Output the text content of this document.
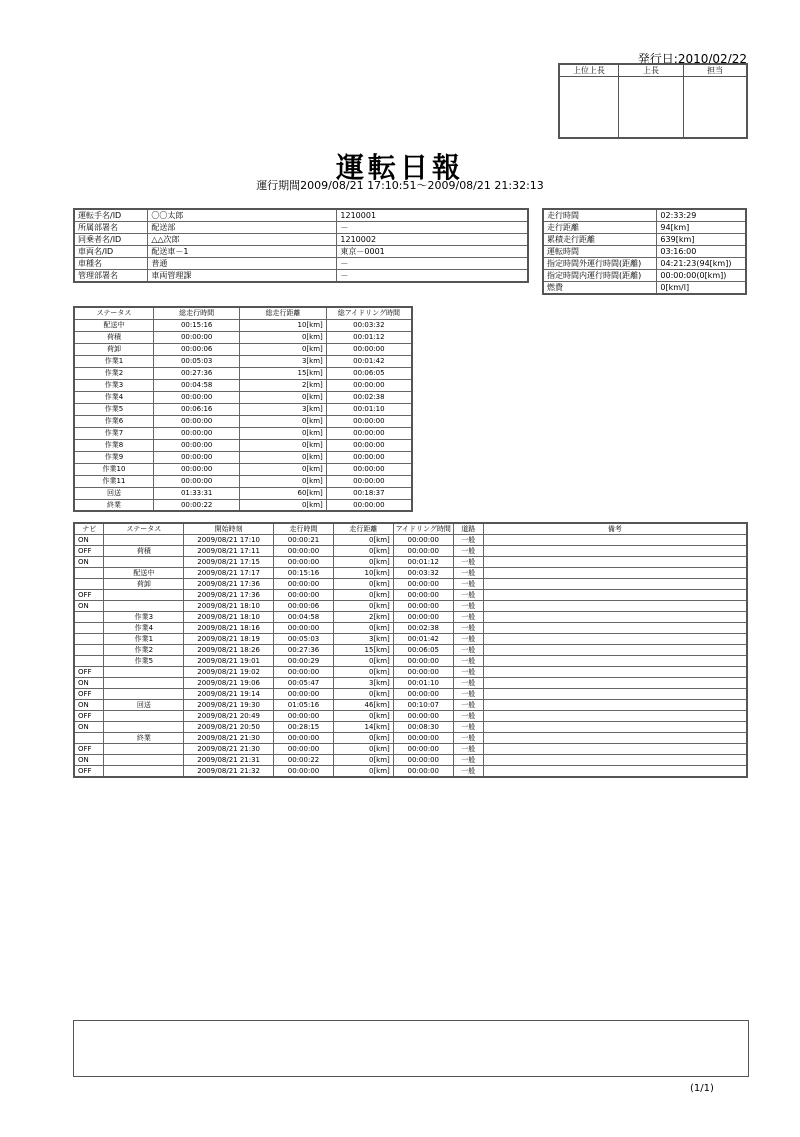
発行日:2010/02/22
上位上長	上長	担当

運転日報
運行期間2009/08/21 17:10:51～2009/08/21 21:32:13
運転手名/ID	〇〇太郎	1210001
所属部署名	配送部	－
同乗者名/ID	△△次郎	1210002
車両名/ID	配送車－1	東京－0001
車種名	普通	－
管理部署名	車両管理課	－
走行時間	02:33:29
走行距離	94[km]
累積走行距離	639[km]
運転時間	03:16:00
指定時間外運行時間(距離)	04:21:23(94[km])
指定時間内運行時間(距離)	00:00:00(0[km])
燃費	0[km/l]
ステータス	総走行時間	総走行距離	総アイドリング時間
配送中	00:15:16	10[km]	00:03:32
荷積	00:00:00	0[km]	00:01:12
荷卸	00:00:06	0[km]	00:00:00
作業1	00:05:03	3[km]	00:01:42
作業2	00:27:36	15[km]	00:06:05
作業3	00:04:58	2[km]	00:00:00
作業4	00:00:00	0[km]	00:02:38
作業5	00:06:16	3[km]	00:01:10
作業6	00:00:00	0[km]	00:00:00
作業7	00:00:00	0[km]	00:00:00
作業8	00:00:00	0[km]	00:00:00
作業9	00:00:00	0[km]	00:00:00
作業10	00:00:00	0[km]	00:00:00
作業11	00:00:00	0[km]	00:00:00
回送	01:33:31	60[km]	00:18:37
終業	00:00:22	0[km]	00:00:00
ナビ	ステータス	開始時刻	走行時間	走行距離	アイドリング時間	道路	備考
ON		2009/08/21 17:10	00:00:21	0[km]	00:00:00	一般	
OFF	荷積	2009/08/21 17:11	00:00:00	0[km]	00:00:00	一般	
ON		2009/08/21 17:15	00:00:00	0[km]	00:01:12	一般	
	配送中	2009/08/21 17:17	00:15:16	10[km]	00:03:32	一般	
	荷卸	2009/08/21 17:36	00:00:00	0[km]	00:00:00	一般	
OFF		2009/08/21 17:36	00:00:00	0[km]	00:00:00	一般	
ON		2009/08/21 18:10	00:00:06	0[km]	00:00:00	一般	
	作業3	2009/08/21 18:10	00:04:58	2[km]	00:00:00	一般	
	作業4	2009/08/21 18:16	00:00:00	0[km]	00:02:38	一般	
	作業1	2009/08/21 18:19	00:05:03	3[km]	00:01:42	一般	
	作業2	2009/08/21 18:26	00:27:36	15[km]	00:06:05	一般	
	作業5	2009/08/21 19:01	00:00:29	0[km]	00:00:00	一般	
OFF		2009/08/21 19:02	00:00:00	0[km]	00:00:00	一般	
ON		2009/08/21 19:06	00:05:47	3[km]	00:01:10	一般	
OFF		2009/08/21 19:14	00:00:00	0[km]	00:00:00	一般	
ON	回送	2009/08/21 19:30	01:05:16	46[km]	00:10:07	一般	
OFF		2009/08/21 20:49	00:00:00	0[km]	00:00:00	一般	
ON		2009/08/21 20:50	00:28:15	14[km]	00:08:30	一般	
	終業	2009/08/21 21:30	00:00:00	0[km]	00:00:00	一般	
OFF		2009/08/21 21:30	00:00:00	0[km]	00:00:00	一般	
ON		2009/08/21 21:31	00:00:22	0[km]	00:00:00	一般	
OFF		2009/08/21 21:32	00:00:00	0[km]	00:00:00	一般	
(1/1)
